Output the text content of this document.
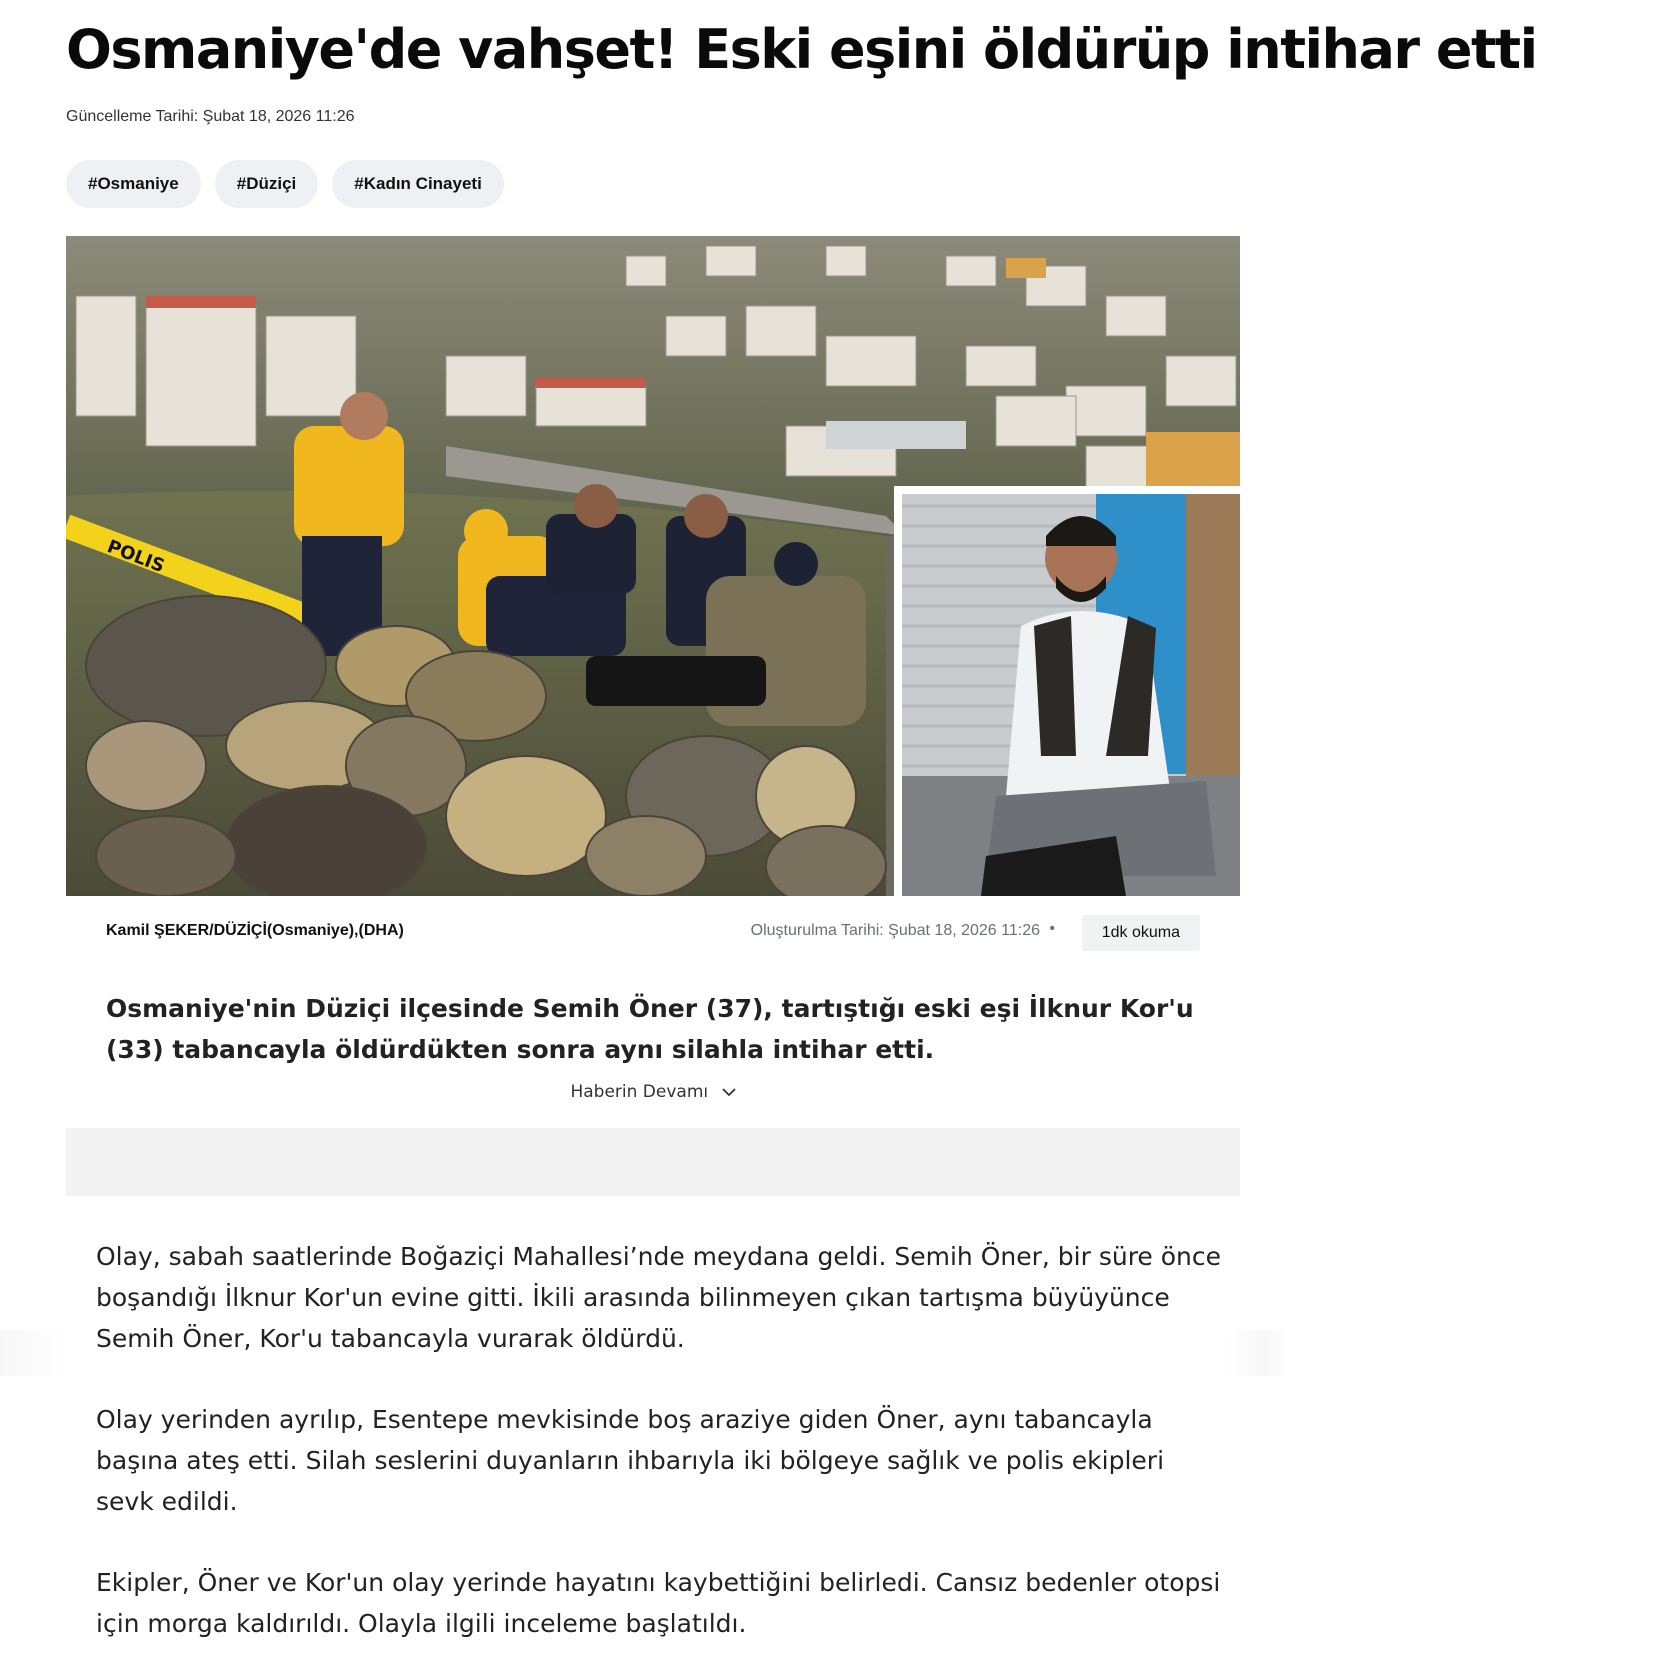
Osmaniye'de vahşet! Eski eşini öldürüp intihar etti
Güncelleme Tarihi: Şubat 18, 2026 11:26
#Osmaniye	#Düziçi	#Kadın Cinayeti
POLIS
Kamil ŞEKER/DÜZİÇİ(Osmaniye),(DHA)	Oluşturulma Tarihi: Şubat 18, 2026 11:26 •	1dk okuma

Osmaniye'nin Düziçi ilçesinde Semih Öner (37), tartıştığı eski eşi İlknur Kor'u (33) tabancayla öldürdükten sonra aynı silahla intihar etti.

Haberin Devamı

Olay, sabah saatlerinde Boğaziçi Mahallesi’nde meydana geldi. Semih Öner, bir süre önce boşandığı İlknur Kor'un evine gitti. İkili arasında bilinmeyen çıkan tartışma büyüyünce Semih Öner, Kor'u tabancayla vurarak öldürdü.

Olay yerinden ayrılıp, Esentepe mevkisinde boş araziye giden Öner, aynı tabancayla başına ateş etti. Silah seslerini duyanların ihbarıyla iki bölgeye sağlık ve polis ekipleri sevk edildi.

Ekipler, Öner ve Kor'un olay yerinde hayatını kaybettiğini belirledi. Cansız bedenler otopsi için morga kaldırıldı. Olayla ilgili inceleme başlatıldı.
